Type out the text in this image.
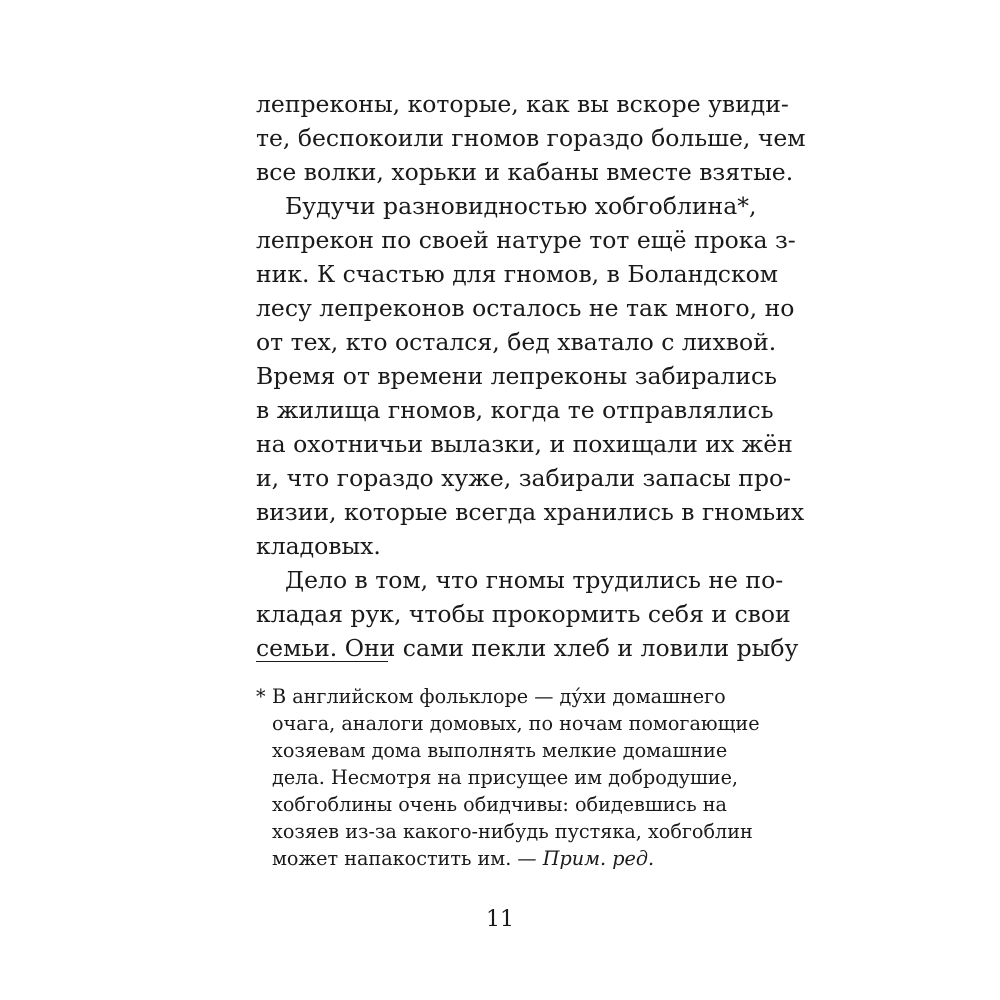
лепреконы, которые, как вы вскоре увиди-
те, беспокоили гномов гораздо больше, чем
все волки, хорьки и кабаны вместе взятые.
Будучи разновидностью хобгоблина*,
лепрекон по своей натуре тот ещё прока з-
ник. К счастью для гномов, в Боландском
лесу лепреконов осталось не так много, но
от тех, кто остался, бед хватало с лихвой.
Время от времени лепреконы забирались
в жилища гномов, когда те отправлялись
на охотничьи вылазки, и похищали их жён
и, что гораздо хуже, забирали запасы про-
визии, которые всегда хранились в гномьих
кладовых.
Дело в том, что гномы трудились не по-
кладая рук, чтобы прокормить себя и свои
семьи. Они сами пекли хлеб и ловили рыбу
* В английском фольклоре — ду́хи домашнего
очага, аналоги домовых, по ночам помогающие
хозяевам дома выполнять мелкие домашние
дела. Несмотря на присущее им добродушие,
хобгоблины очень обидчивы: обидевшись на
хозяев из-за какого-нибудь пустяка, хобгоблин
может напакостить им. — Прим. ред.
11
